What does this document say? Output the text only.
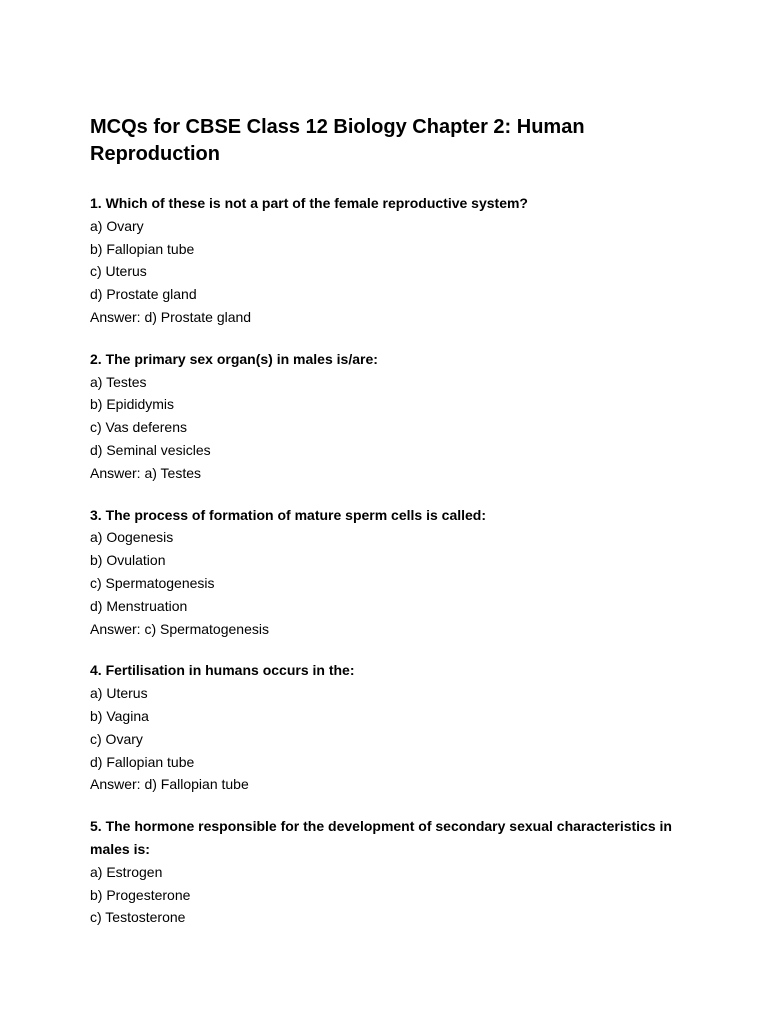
MCQs for CBSE Class 12 Biology Chapter 2: Human Reproduction

1. Which of these is not a part of the female reproductive system?

a) Ovary

b) Fallopian tube

c) Uterus

d) Prostate gland

Answer: d) Prostate gland

2. The primary sex organ(s) in males is/are:

a) Testes

b) Epididymis

c) Vas deferens

d) Seminal vesicles

Answer: a) Testes

3. The process of formation of mature sperm cells is called:

a) Oogenesis

b) Ovulation

c) Spermatogenesis

d) Menstruation

Answer: c) Spermatogenesis

4. Fertilisation in humans occurs in the:

a) Uterus

b) Vagina

c) Ovary

d) Fallopian tube

Answer: d) Fallopian tube

5. The hormone responsible for the development of secondary sexual characteristics in males is:

a) Estrogen

b) Progesterone

c) Testosterone
